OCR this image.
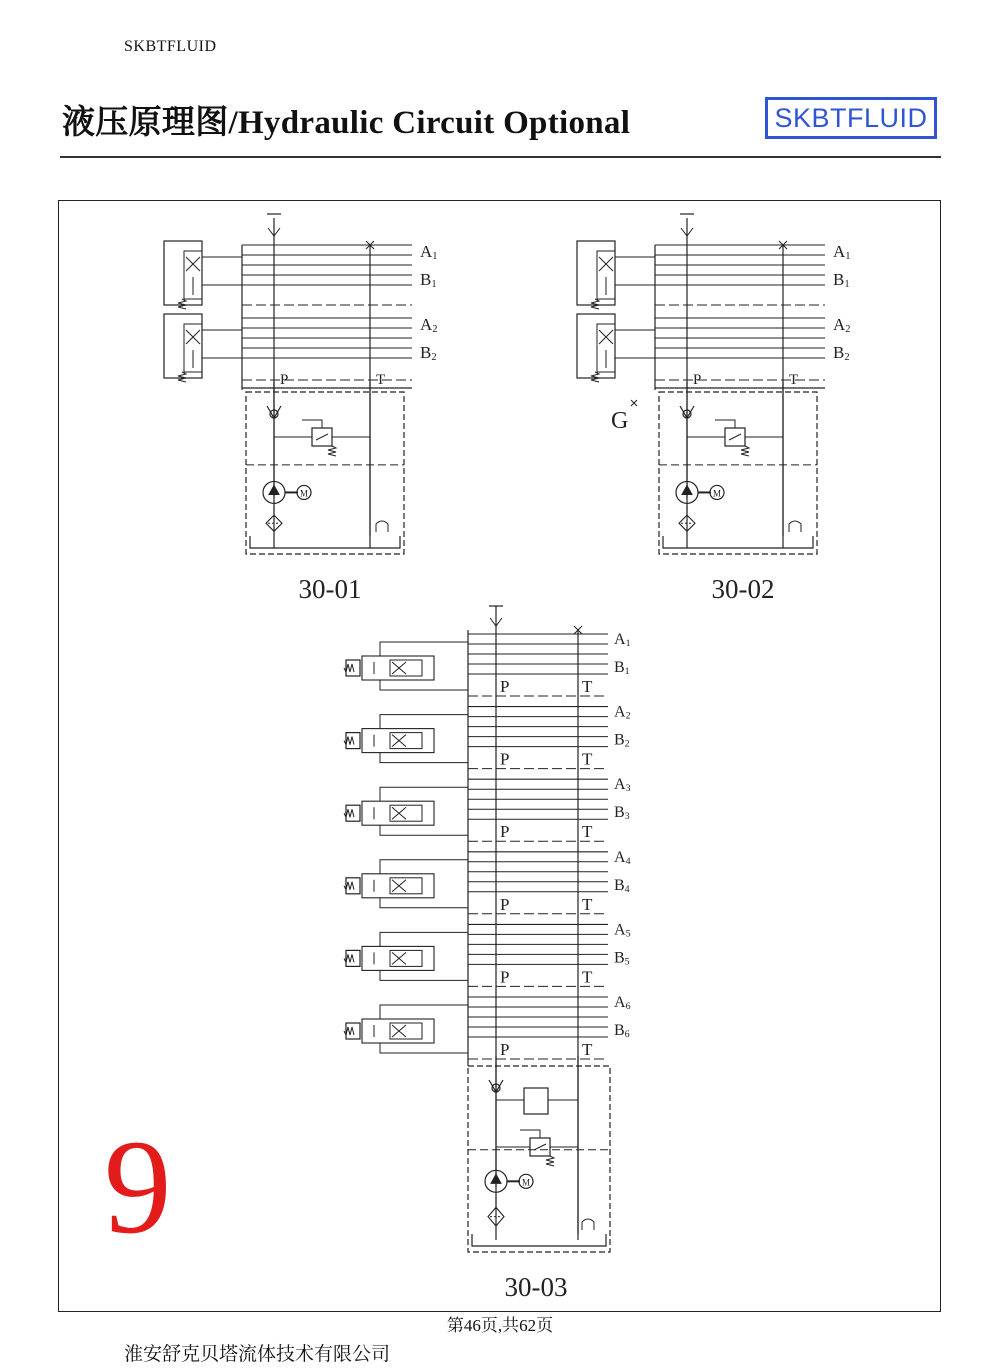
SKBTFLUID
液压原理图/Hydraulic Circuit Optional	SKBTFLUID
A1
B1
A2
B2
P	T
M
30-01
A1
B1
A2
B2
P	T
G
M
30-02
A1
B1
P	T
A2
B2
P	T
A3
B3
P	T
A4
B4
P	T
A5
B5
P	T
A6
B6
P	T
M
30-03
9
第46页,共62页
淮安舒克贝塔流体技术有限公司
